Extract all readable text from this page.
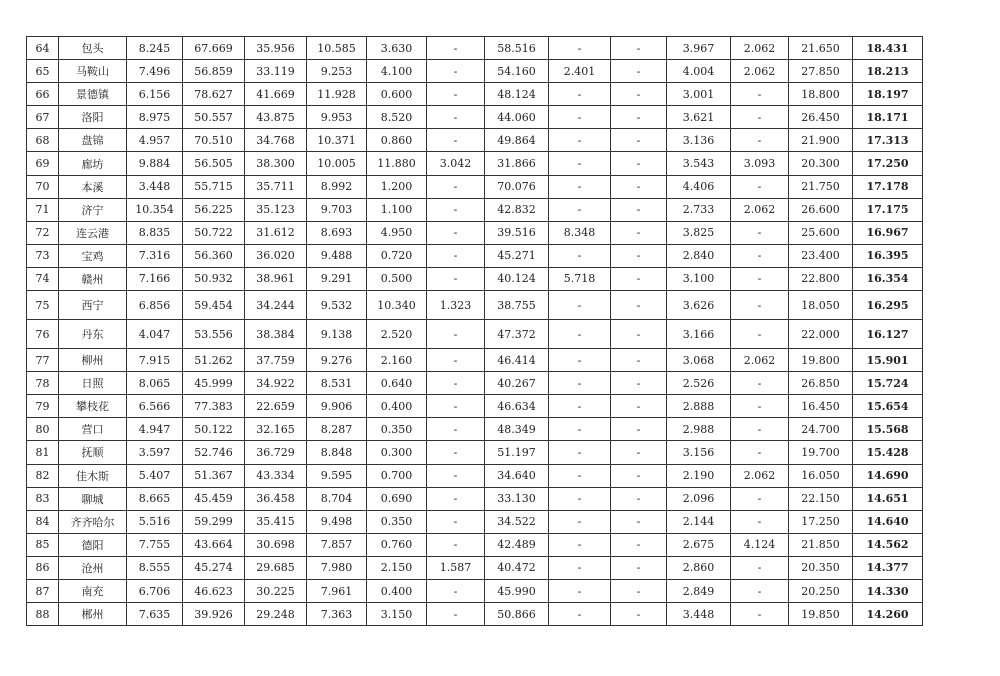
64	包头	8.245	67.669	35.956	10.585	3.630	-	58.516	-	-	3.967	2.062	21.650	18.431
65	马鞍山	7.496	56.859	33.119	9.253	4.100	-	54.160	2.401	-	4.004	2.062	27.850	18.213
66	景德镇	6.156	78.627	41.669	11.928	0.600	-	48.124	-	-	3.001	-	18.800	18.197
67	洛阳	8.975	50.557	43.875	9.953	8.520	-	44.060	-	-	3.621	-	26.450	18.171
68	盘锦	4.957	70.510	34.768	10.371	0.860	-	49.864	-	-	3.136	-	21.900	17.313
69	廊坊	9.884	56.505	38.300	10.005	11.880	3.042	31.866	-	-	3.543	3.093	20.300	17.250
70	本溪	3.448	55.715	35.711	8.992	1.200	-	70.076	-	-	4.406	-	21.750	17.178
71	济宁	10.354	56.225	35.123	9.703	1.100	-	42.832	-	-	2.733	2.062	26.600	17.175
72	连云港	8.835	50.722	31.612	8.693	4.950	-	39.516	8.348	-	3.825	-	25.600	16.967
73	宝鸡	7.316	56.360	36.020	9.488	0.720	-	45.271	-	-	2.840	-	23.400	16.395
74	赣州	7.166	50.932	38.961	9.291	0.500	-	40.124	5.718	-	3.100	-	22.800	16.354
75	西宁	6.856	59.454	34.244	9.532	10.340	1.323	38.755	-	-	3.626	-	18.050	16.295
76	丹东	4.047	53.556	38.384	9.138	2.520	-	47.372	-	-	3.166	-	22.000	16.127
77	柳州	7.915	51.262	37.759	9.276	2.160	-	46.414	-	-	3.068	2.062	19.800	15.901
78	日照	8.065	45.999	34.922	8.531	0.640	-	40.267	-	-	2.526	-	26.850	15.724
79	攀枝花	6.566	77.383	22.659	9.906	0.400	-	46.634	-	-	2.888	-	16.450	15.654
80	营口	4.947	50.122	32.165	8.287	0.350	-	48.349	-	-	2.988	-	24.700	15.568
81	抚顺	3.597	52.746	36.729	8.848	0.300	-	51.197	-	-	3.156	-	19.700	15.428
82	佳木斯	5.407	51.367	43.334	9.595	0.700	-	34.640	-	-	2.190	2.062	16.050	14.690
83	聊城	8.665	45.459	36.458	8.704	0.690	-	33.130	-	-	2.096	-	22.150	14.651
84	齐齐哈尔	5.516	59.299	35.415	9.498	0.350	-	34.522	-	-	2.144	-	17.250	14.640
85	德阳	7.755	43.664	30.698	7.857	0.760	-	42.489	-	-	2.675	4.124	21.850	14.562
86	沧州	8.555	45.274	29.685	7.980	2.150	1.587	40.472	-	-	2.860	-	20.350	14.377
87	南充	6.706	46.623	30.225	7.961	0.400	-	45.990	-	-	2.849	-	20.250	14.330
88	郴州	7.635	39.926	29.248	7.363	3.150	-	50.866	-	-	3.448	-	19.850	14.260
